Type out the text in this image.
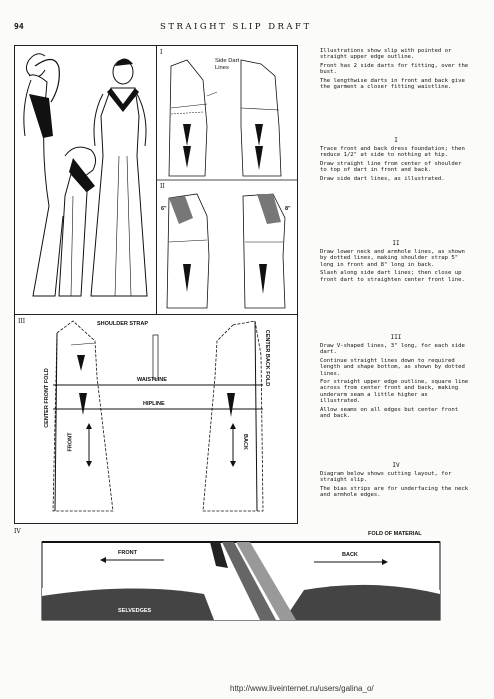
94	STRAIGHT SLIP DRAFT
I
Side Dart Lines
II
6"	8"

Illustrations show slip with pointed or straight upper edge outline.

Front has 2 side darts for fitting, over the bust.

The lengthwise darts in front and back give the garment a closer fitting waistline.

I

Trace front and back dress foundation; then reduce 1/2" at side to nothing at hip.

Draw straight line from center of shoulder to top of dart in front and back.

Draw side dart lines, as illustrated.

II

Draw lower neck and armhole lines, as shown by dotted lines, making shoulder strap 5" long in front and 8" long in back.

Slash along side dart lines; then close up front dart to straighten center front line.

III

Draw V-shaped lines, 3" long, for each side dart.

Continue straight lines down to required length and shape bottom, as shown by dotted lines.

For straight upper edge outline, square line across from center front and back, making underarm seam a little higher as illustrated.

Allow seams on all edges but center front and back.

IV

Diagram below shows cutting layout, for straight slip.

The bias strips are for underfacing the neck and armhole edges.

III	SHOULDER STRAP
CENTER FRONT FOLD
CENTER BACK FOLD
WAISTLINE
HIPLINE
FRONT	BACK
IV	FOLD OF MATERIAL
FRONT	BACK
SELVEDGES
http://www.liveinternet.ru/users/galina_o/
